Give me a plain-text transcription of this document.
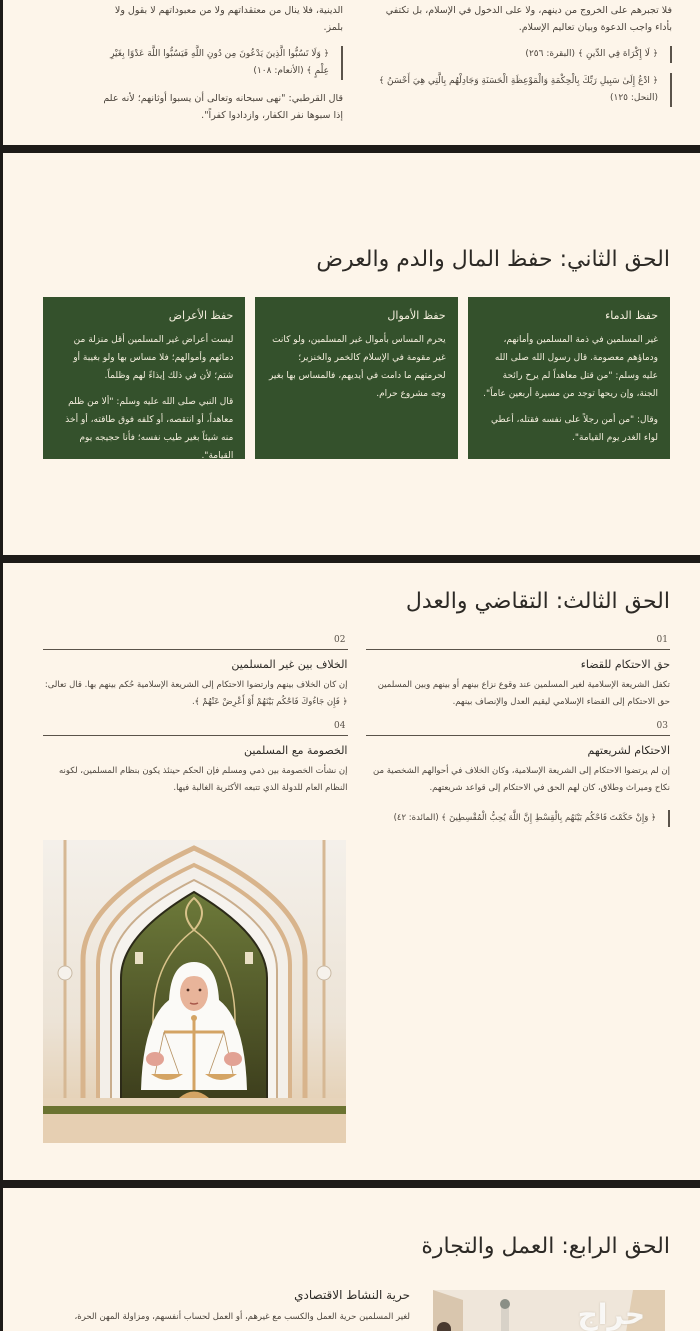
فلا تجبرهم على الخروج من دينهم، ولا على الدخول في الإسلام، بل تكتفي بأداء واجب الدعوة وبيان تعاليم الإسلام.

﴿ لَا إِكْرَاهَ فِي الدِّينِ ﴾ (البقرة: ٢٥٦)
﴿ ادْعُ إِلَىٰ سَبِيلِ رَبِّكَ بِالْحِكْمَةِ وَالْمَوْعِظَةِ الْحَسَنَةِ وَجَادِلْهُم بِالَّتِي هِيَ أَحْسَنُ ﴾ (النحل: ١٢٥)

الدينية، فلا ينال من معتقداتهم ولا من معبوداتهم لا بقول ولا بلمز.

﴿ وَلَا تَسُبُّوا الَّذِينَ يَدْعُونَ مِن دُونِ اللَّهِ فَيَسُبُّوا اللَّهَ عَدْوًا بِغَيْرِ عِلْمٍ ﴾ (الأنعام: ١٠٨)

قال القرطبي: "نهى سبحانه وتعالى أن يسبوا أوثانهم؛ لأنه علم إذا سبوها نفر الكفار، وازدادوا كفراً".

الحق الثاني: حفظ المال والدم والعرض
حفظ الدماء

غير المسلمين في ذمة المسلمين وأمانهم، ودماؤهم معصومة. قال رسول الله صلى الله عليه وسلم: "من قتل معاهداً لم يرح رائحة الجنة، وإن ريحها توجد من مسيرة أربعين عاماً".

وقال: "من أمن رجلاً على نفسه فقتله، أعطي لواء الغدر يوم القيامة".

حفظ الأموال

يحرم المساس بأموال غير المسلمين، ولو كانت غير مقومة في الإسلام كالخمر والخنزير؛ لحرمتهم ما دامت في أيديهم، فالمساس بها بغير وجه مشروع حرام.

حفظ الأعراض

ليست أعراض غير المسلمين أقل منزلة من دمائهم وأموالهم؛ فلا مساس بها ولو بغيبة أو شتم؛ لأن في ذلك إيذاءً لهم وظلماً.

قال النبي صلى الله عليه وسلم: "ألا من ظلم معاهداً، أو انتقصه، أو كلفه فوق طاقته، أو أخذ منه شيئاً بغير طيب نفسه؛ فأنا حجيجه يوم القيامة".

الحق الثالث: التقاضي والعدل
01
حق الاحتكام للقضاء

تكفل الشريعة الإسلامية لغير المسلمين عند وقوع نزاع بينهم أو بينهم وبين المسلمين حق الاحتكام إلى القضاء الإسلامي ليقيم العدل والإنصاف بينهم.

02
الخلاف بين غير المسلمين

إن كان الخلاف بينهم وارتضوا الاحتكام إلى الشريعة الإسلامية حُكم بينهم بها. قال تعالى: ﴿ فَإِن جَاءُوكَ فَاحْكُم بَيْنَهُمْ أَوْ أَعْرِضْ عَنْهُمْ ﴾.

03
الاحتكام لشريعتهم

إن لم يرتضوا الاحتكام إلى الشريعة الإسلامية، وكان الخلاف في أحوالهم الشخصية من نكاح وميراث وطلاق، كان لهم الحق في الاحتكام إلى قواعد شريعتهم.

04
الخصومة مع المسلمين

إن نشأت الخصومة بين ذمي ومسلم فإن الحكم حينئذ يكون بنظام المسلمين، لكونه النظام العام للدولة الذي تتبعه الأكثرية الغالبة فيها.

﴿ وَإِنْ حَكَمْتَ فَاحْكُم بَيْنَهُم بِالْقِسْطِ إِنَّ اللَّهَ يُحِبُّ الْمُقْسِطِينَ ﴾ (المائدة: ٤٢)
الحق الرابع: العمل والتجارة
حرية النشاط الاقتصادي

لغير المسلمين حرية العمل والكسب مع غيرهم، أو العمل لحساب أنفسهم، ومزاولة المهن الحرة،	حراج
